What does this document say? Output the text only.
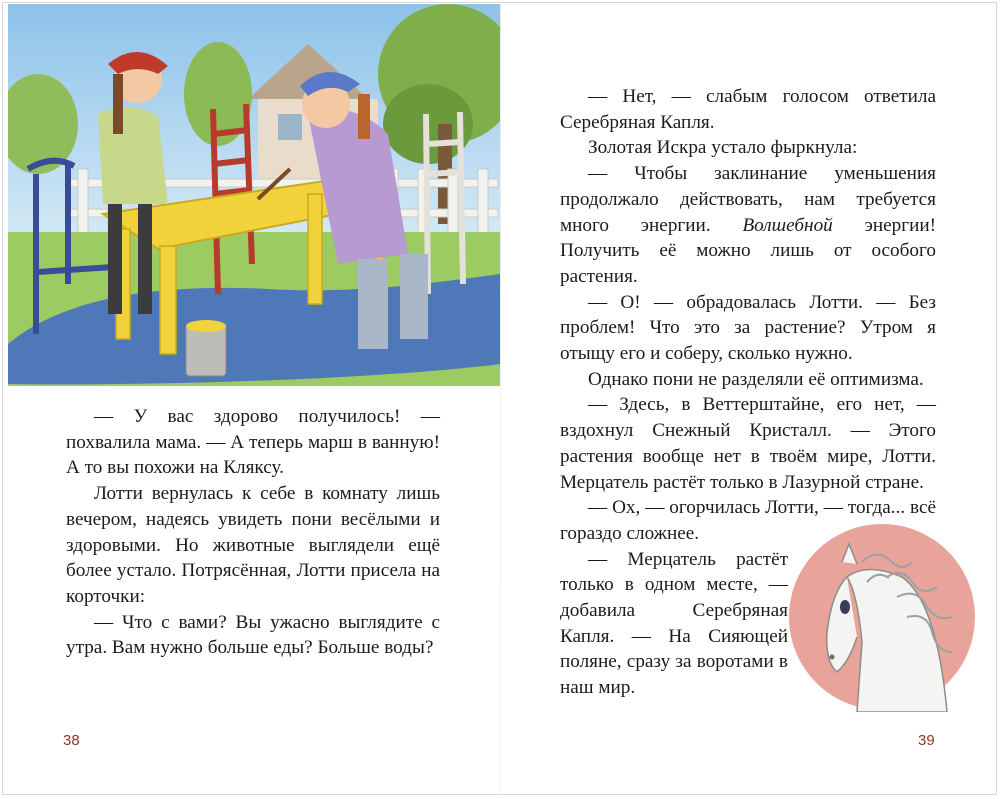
— У вас здорово получилось! — похвалила мама. — А теперь марш в ванную! А то вы похожи на Кляксу.

Лотти вернулась к себе в комнату лишь вечером, надеясь увидеть пони весёлыми и здоровыми. Но животные выглядели ещё более устало. Потрясённая, Лотти присела на корточки:

— Что с вами? Вы ужасно выглядите с утра. Вам нужно больше еды? Больше воды?

— Нет, — слабым голосом ответила Серебряная Капля.

Золотая Искра устало фыркнула:

— Чтобы заклинание уменьшения продолжало действовать, нам требуется много энергии. Волшебной энергии! Получить её можно лишь от особого растения.

— О! — обрадовалась Лотти. — Без проблем! Что это за растение? Утром я отыщу его и соберу, сколько нужно.

Однако пони не разделяли её оптимизма.

— Здесь, в Веттерштайне, его нет, — вздохнул Снежный Кристалл. — Этого растения вообще нет в твоём мире, Лотти. Мерцатель растёт только в Лазурной стране.

— Ох, — огорчилась Лотти, — тогда... всё гораздо сложнее.

— Мерцатель растёт только в одном месте, — добавила Серебряная Капля. — На Сияющей поляне, сразу за воротами в наш мир.

38	39
